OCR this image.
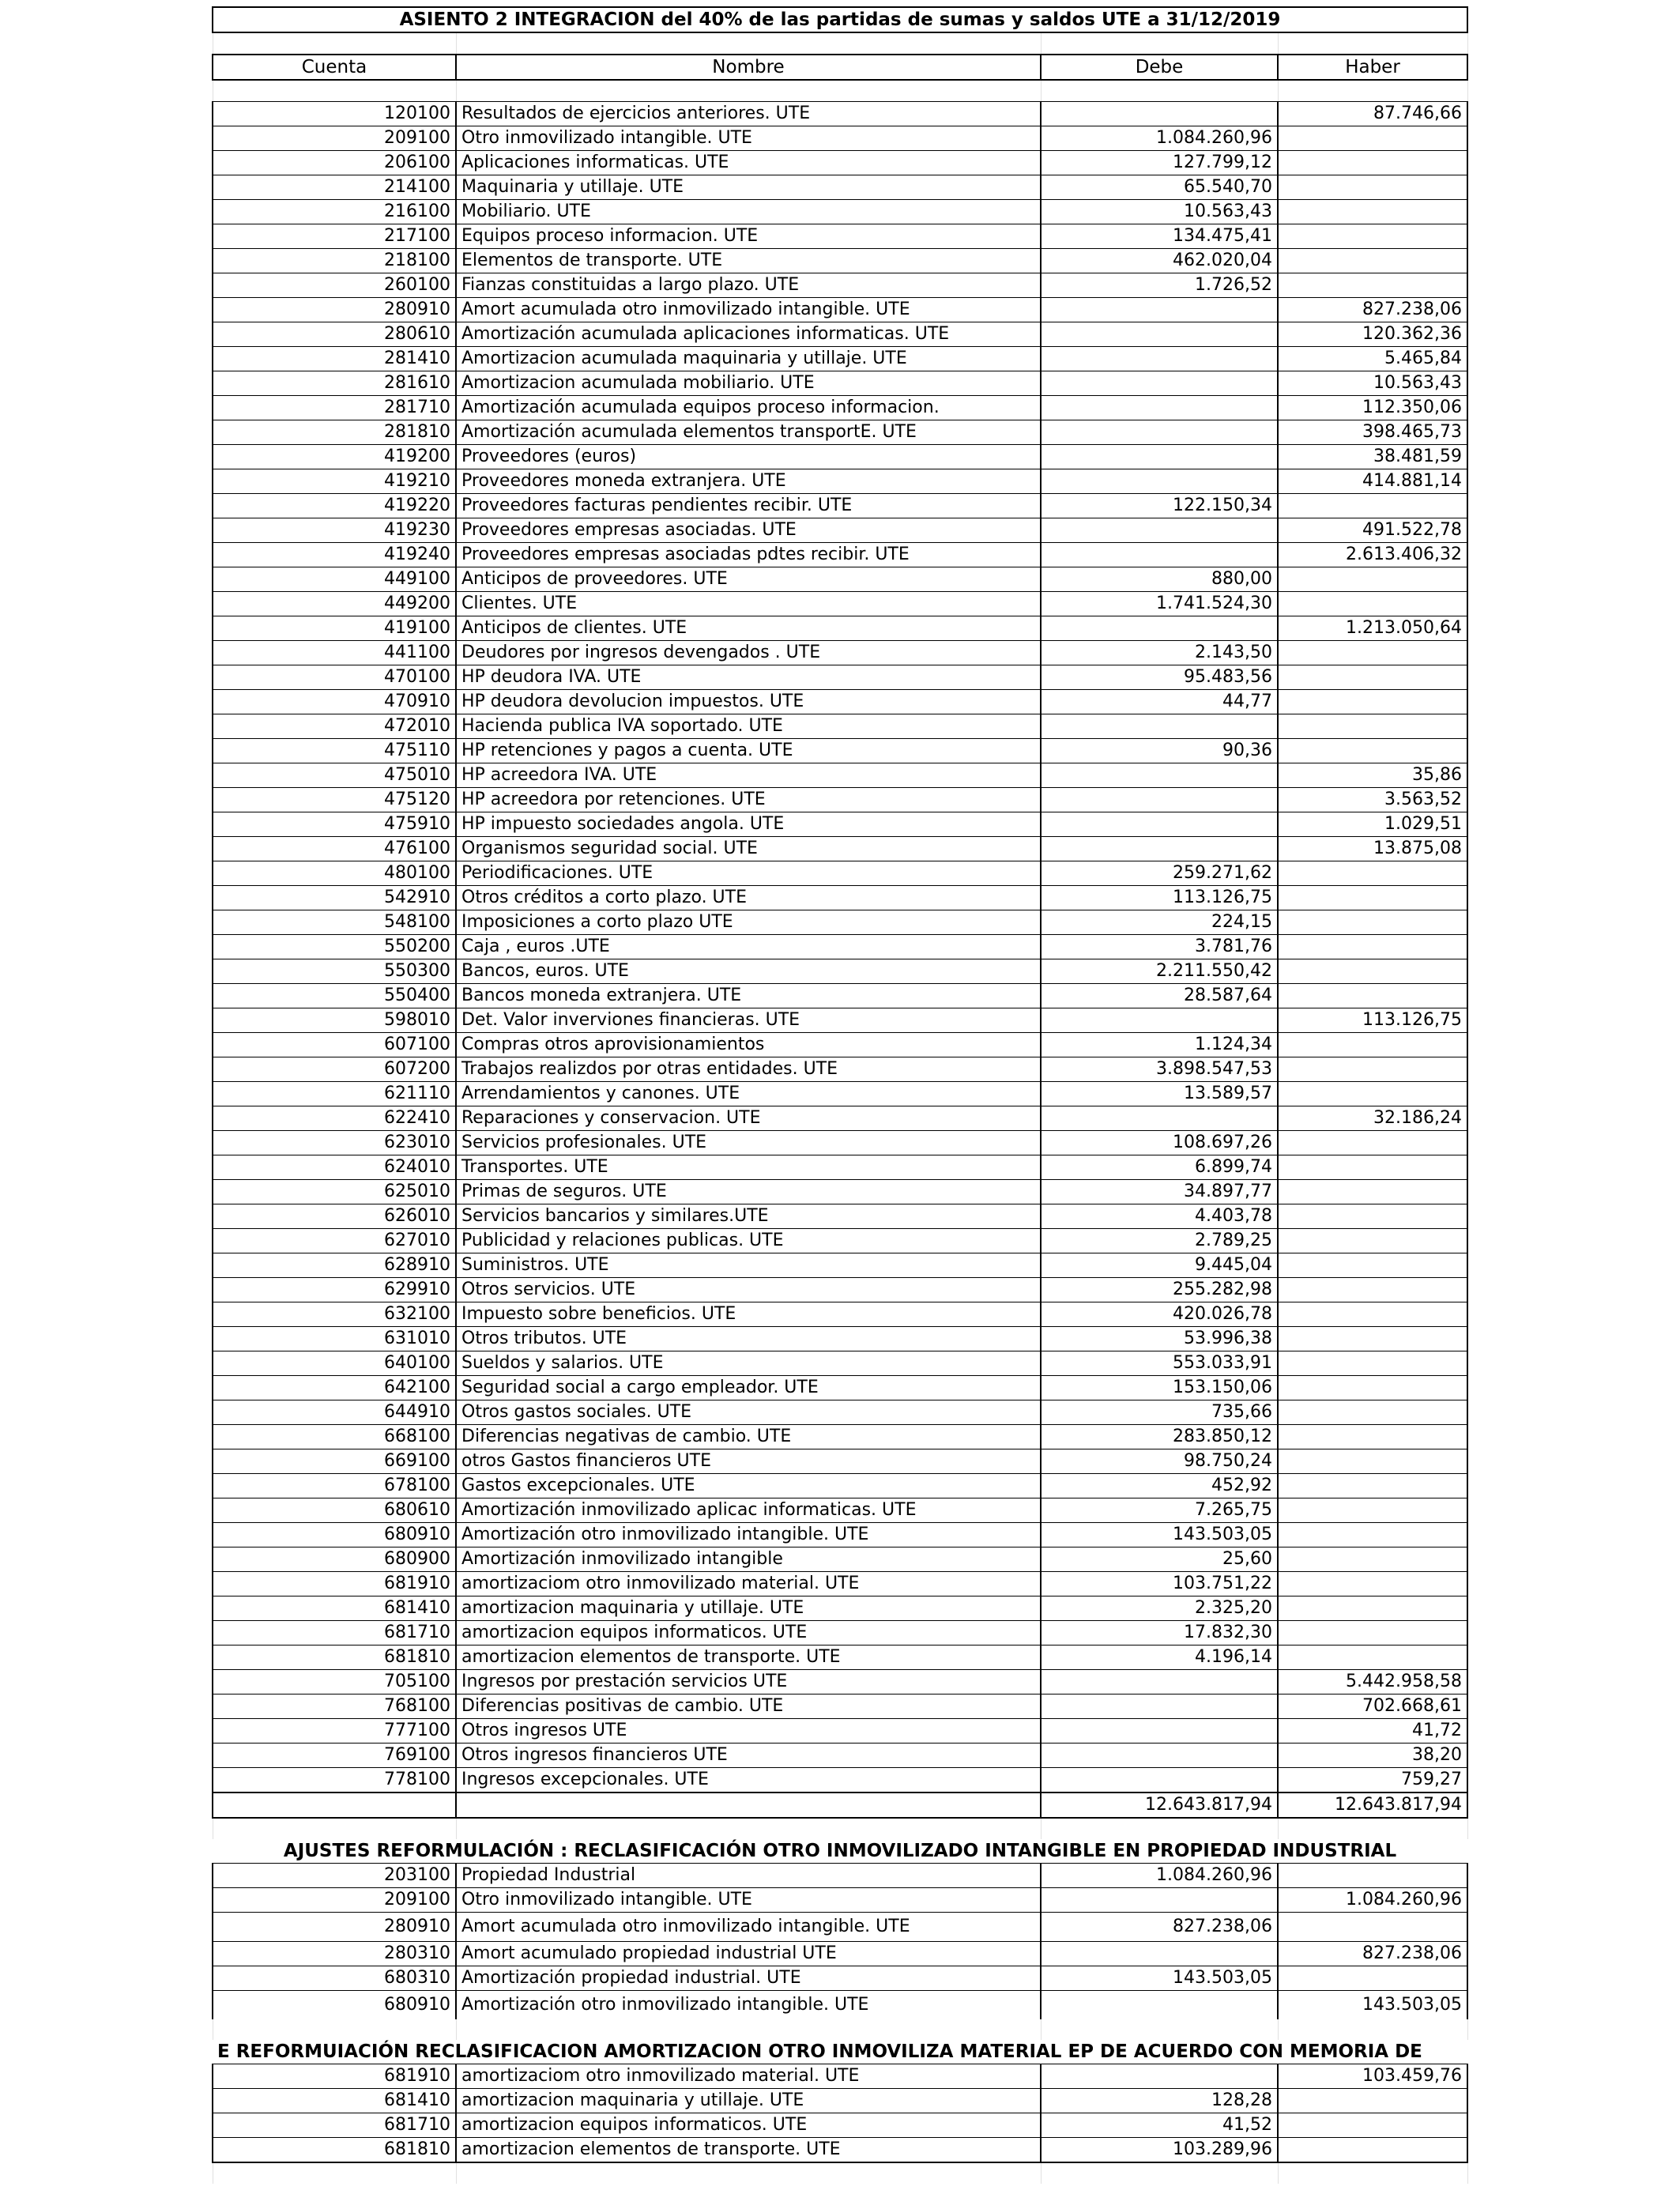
ASIENTO 2 INTEGRACION del 40% de las partidas de sumas y saldos UTE a 31/12/2019			

Cuenta	Nombre	Debe	Haber

120100	Resultados de ejercicios anteriores. UTE		87.746,66
209100	Otro inmovilizado intangible. UTE	1.084.260,96	
206100	Aplicaciones informaticas. UTE	127.799,12	
214100	Maquinaria y utillaje. UTE	65.540,70	
216100	Mobiliario. UTE	10.563,43	
217100	Equipos proceso informacion. UTE	134.475,41	
218100	Elementos de transporte. UTE	462.020,04	
260100	Fianzas constituidas a largo plazo. UTE	1.726,52	
280910	Amort acumulada otro inmovilizado intangible. UTE		827.238,06
280610	Amortización acumulada aplicaciones informaticas. UTE		120.362,36
281410	Amortizacion acumulada maquinaria y utillaje. UTE		5.465,84
281610	Amortizacion acumulada mobiliario. UTE		10.563,43
281710	Amortización acumulada equipos proceso informacion.		112.350,06
281810	Amortización acumulada elementos transportE. UTE		398.465,73
419200	Proveedores (euros)		38.481,59
419210	Proveedores moneda extranjera. UTE		414.881,14
419220	Proveedores facturas pendientes recibir. UTE	122.150,34	
419230	Proveedores empresas asociadas. UTE		491.522,78
419240	Proveedores empresas asociadas pdtes recibir. UTE		2.613.406,32
449100	Anticipos de proveedores. UTE	880,00	
449200	Clientes. UTE	1.741.524,30	
419100	Anticipos de clientes. UTE		1.213.050,64
441100	Deudores por ingresos devengados . UTE	2.143,50	
470100	HP deudora IVA. UTE	95.483,56	
470910	HP deudora devolucion impuestos. UTE	44,77	
472010	Hacienda publica IVA soportado. UTE		
475110	HP retenciones y pagos a cuenta. UTE	90,36	
475010	HP acreedora IVA. UTE		35,86
475120	HP acreedora por retenciones. UTE		3.563,52
475910	HP impuesto sociedades angola. UTE		1.029,51
476100	Organismos seguridad social. UTE		13.875,08
480100	Periodificaciones. UTE	259.271,62	
542910	Otros créditos a corto plazo. UTE	113.126,75	
548100	Imposiciones a corto plazo UTE	224,15	
550200	Caja , euros .UTE	3.781,76	
550300	Bancos, euros. UTE	2.211.550,42	
550400	Bancos moneda extranjera. UTE	28.587,64	
598010	Det. Valor inverviones financieras. UTE		113.126,75
607100	Compras otros aprovisionamientos	1.124,34	
607200	Trabajos realizdos por otras entidades. UTE	3.898.547,53	
621110	Arrendamientos y canones. UTE	13.589,57	
622410	Reparaciones y conservacion. UTE		32.186,24
623010	Servicios profesionales. UTE	108.697,26	
624010	Transportes. UTE	6.899,74	
625010	Primas de seguros. UTE	34.897,77	
626010	Servicios bancarios y similares.UTE	4.403,78	
627010	Publicidad y relaciones publicas. UTE	2.789,25	
628910	Suministros. UTE	9.445,04	
629910	Otros servicios. UTE	255.282,98	
632100	Impuesto sobre beneficios. UTE	420.026,78	
631010	Otros tributos. UTE	53.996,38	
640100	Sueldos y salarios. UTE	553.033,91	
642100	Seguridad social a cargo empleador. UTE	153.150,06	
644910	Otros gastos sociales. UTE	735,66	
668100	Diferencias negativas de cambio. UTE	283.850,12	
669100	otros Gastos financieros UTE	98.750,24	
678100	Gastos excepcionales. UTE	452,92	
680610	Amortización inmovilizado aplicac informaticas. UTE	7.265,75	
680910	Amortización otro inmovilizado intangible. UTE	143.503,05	
680900	Amortización inmovilizado intangible	25,60	
681910	amortizaciom otro inmovilizado material. UTE	103.751,22	
681410	amortizacion maquinaria y utillaje. UTE	2.325,20	
681710	amortizacion equipos informaticos. UTE	17.832,30	
681810	amortizacion elementos de transporte. UTE	4.196,14	
705100	Ingresos por prestación servicios UTE		5.442.958,58
768100	Diferencias positivas de cambio. UTE		702.668,61
777100	Otros ingresos UTE		41,72
769100	Otros ingresos financieros UTE		38,20
778100	Ingresos excepcionales. UTE		759,27
		12.643.817,94	12.643.817,94

AJUSTES REFORMULACIÓN : RECLASIFICACIÓN OTRO INMOVILIZADO INTANGIBLE EN PROPIEDAD INDUSTRIAL			
203100	Propiedad Industrial	1.084.260,96	
209100	Otro inmovilizado intangible. UTE		1.084.260,96
280910	Amort acumulada otro inmovilizado intangible. UTE	827.238,06	
280310	Amort acumulado propiedad industrial UTE		827.238,06
680310	Amortización propiedad industrial. UTE	143.503,05	
680910	Amortización otro inmovilizado intangible. UTE		143.503,05

E REFORMUIACIÓN RECLASIFICACION AMORTIZACION OTRO INMOVILIZA MATERIAL EP DE ACUERDO CON MEMORIA DE			
681910	amortizaciom otro inmovilizado material. UTE		103.459,76
681410	amortizacion maquinaria y utillaje. UTE	128,28	
681710	amortizacion equipos informaticos. UTE	41,52	
681810	amortizacion elementos de transporte. UTE	103.289,96	
